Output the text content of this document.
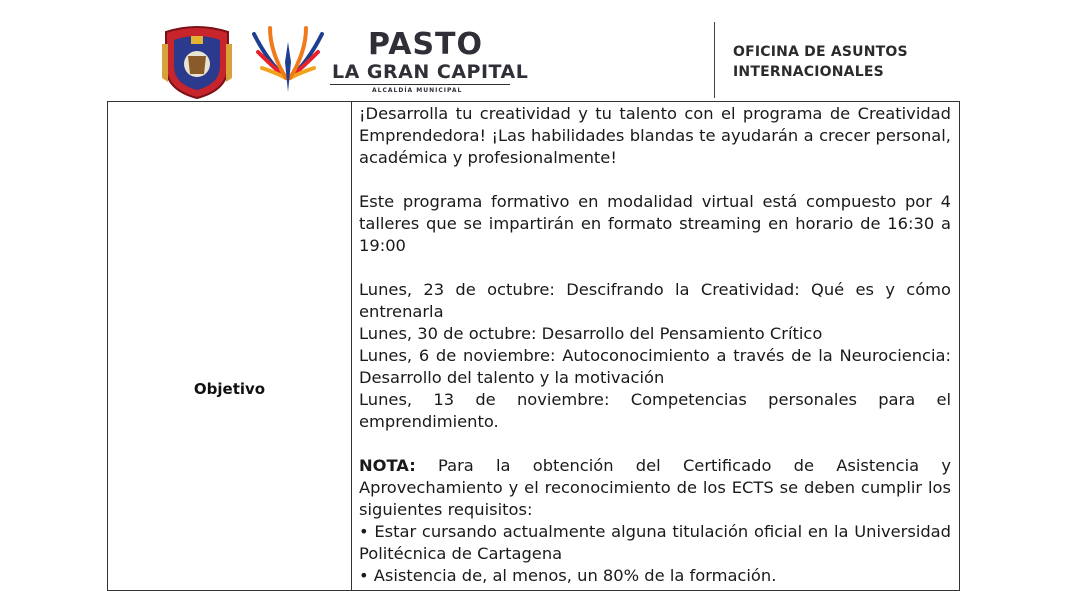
PASTO
LA GRAN CAPITAL
ALCALDÍA MUNICIPAL
OFICINA DE ASUNTOS
INTERNACIONALES
Objetivo

¡Desarrolla tu creatividad y tu talento con el programa de Creatividad Emprendedora! ¡Las habilidades blandas te ayudarán a crecer personal, académica y profesionalmente!

Este programa formativo en modalidad virtual está compuesto por 4 talleres que se impartirán en formato streaming en horario de 16:30 a 19:00

Lunes, 23 de octubre: Descifrando la Creatividad: Qué es y cómo entrenarla

Lunes, 30 de octubre: Desarrollo del Pensamiento Crítico

Lunes, 6 de noviembre: Autoconocimiento a través de la Neurociencia: Desarrollo del talento y la motivación

Lunes, 13 de noviembre: Competencias personales para el emprendimiento.

NOTA: Para la obtención del Certificado de Asistencia y Aprovechamiento y el reconocimiento de los ECTS se deben cumplir los siguientes requisitos:

• Estar cursando actualmente alguna titulación oficial en la Universidad Politécnica de Cartagena

• Asistencia de, al menos, un 80% de la formación.
